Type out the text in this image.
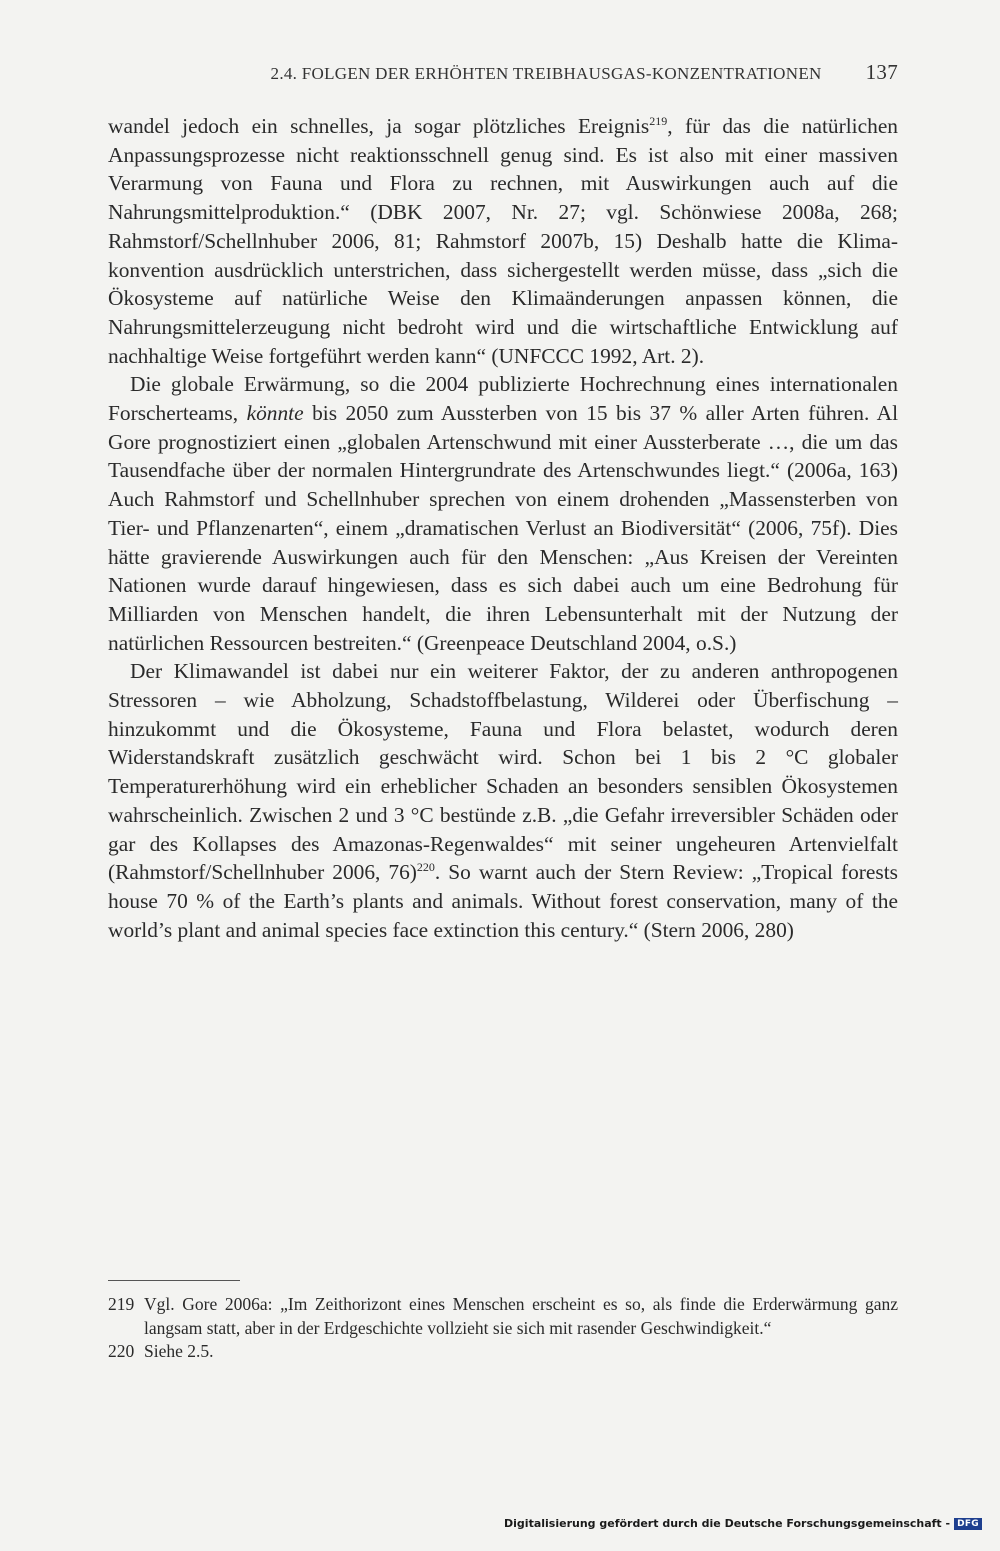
2.4. FOLGEN DER ERHÖHTEN TREIBHAUSGAS-KONZENTRATIONEN 137

wandel jedoch ein schnelles, ja sogar plötzliches Ereignis$^{219}$, für das die natürlichen Anpassungsprozesse nicht reaktionsschnell genug sind. Es ist also mit einer massiven Verarmung von Fauna und Flora zu rechnen, mit Auswirkungen auch auf die Nahrungsmittelproduktion.“ (DBK 2007, Nr. 27; vgl. Schönwiese 2008a, 268; Rahmstorf/Schellnhuber 2006, 81; Rahmstorf 2007b, 15) Deshalb hatte die Klimakonvention ausdrücklich unterstrichen, dass sichergestellt werden müsse, dass „sich die Ökosysteme auf natürliche Weise den Klimaänderungen anpassen können, die Nahrungsmittelerzeugung nicht bedroht wird und die wirtschaftliche Entwicklung auf nachhaltige Weise fortgeführt werden kann“ (UNFCCC 1992, Art. 2).

Die globale Erwärmung, so die 2004 publizierte Hochrechnung eines internationalen Forscherteams, könnte bis 2050 zum Aussterben von 15 bis 37 % aller Arten führen. Al Gore prognostiziert einen „globalen Artenschwund mit einer Aussterberate …, die um das Tausendfache über der normalen Hintergrundrate des Artenschwundes liegt.“ (2006a, 163) Auch Rahmstorf und Schellnhuber sprechen von einem drohenden „Massensterben von Tier- und Pflanzenarten“, einem „dramatischen Verlust an Biodiversität“ (2006, 75f). Dies hätte gravierende Auswirkungen auch für den Menschen: „Aus Kreisen der Vereinten Nationen wurde darauf hingewiesen, dass es sich dabei auch um eine Bedrohung für Milliarden von Menschen handelt, die ihren Lebensunterhalt mit der Nutzung der natürlichen Ressourcen bestreiten.“ (Greenpeace Deutschland 2004, o.S.)

Der Klimawandel ist dabei nur ein weiterer Faktor, der zu anderen anthropogenen Stressoren – wie Abholzung, Schadstoffbelastung, Wilderei oder Überfischung – hinzukommt und die Ökosysteme, Fauna und Flora belastet, wodurch deren Widerstandskraft zusätzlich geschwächt wird. Schon bei 1 bis 2 °C globaler Temperaturerhöhung wird ein erheblicher Schaden an besonders sensiblen Ökosystemen wahrscheinlich. Zwischen 2 und 3 °C bestünde z.B. „die Gefahr irreversibler Schäden oder gar des Kollapses des Amazonas-Regenwaldes“ mit seiner ungeheuren Artenvielfalt (Rahmstorf/Schellnhuber 2006, 76)$^{220}$. So warnt auch der Stern Review: „Tropical forests house 70 % of the Earth’s plants and animals. Without forest conservation, many of the world’s plant and animal species face extinction this century.“ (Stern 2006, 280)

219 Vgl. Gore 2006a: „Im Zeithorizont eines Menschen erscheint es so, als finde die Erderwärmung ganz langsam statt, aber in der Erdgeschichte vollzieht sie sich mit rasender Geschwindigkeit.“
220 Siehe 2.5.
Digitalisierung gefördert durch die Deutsche Forschungsgemeinschaft - DFG
